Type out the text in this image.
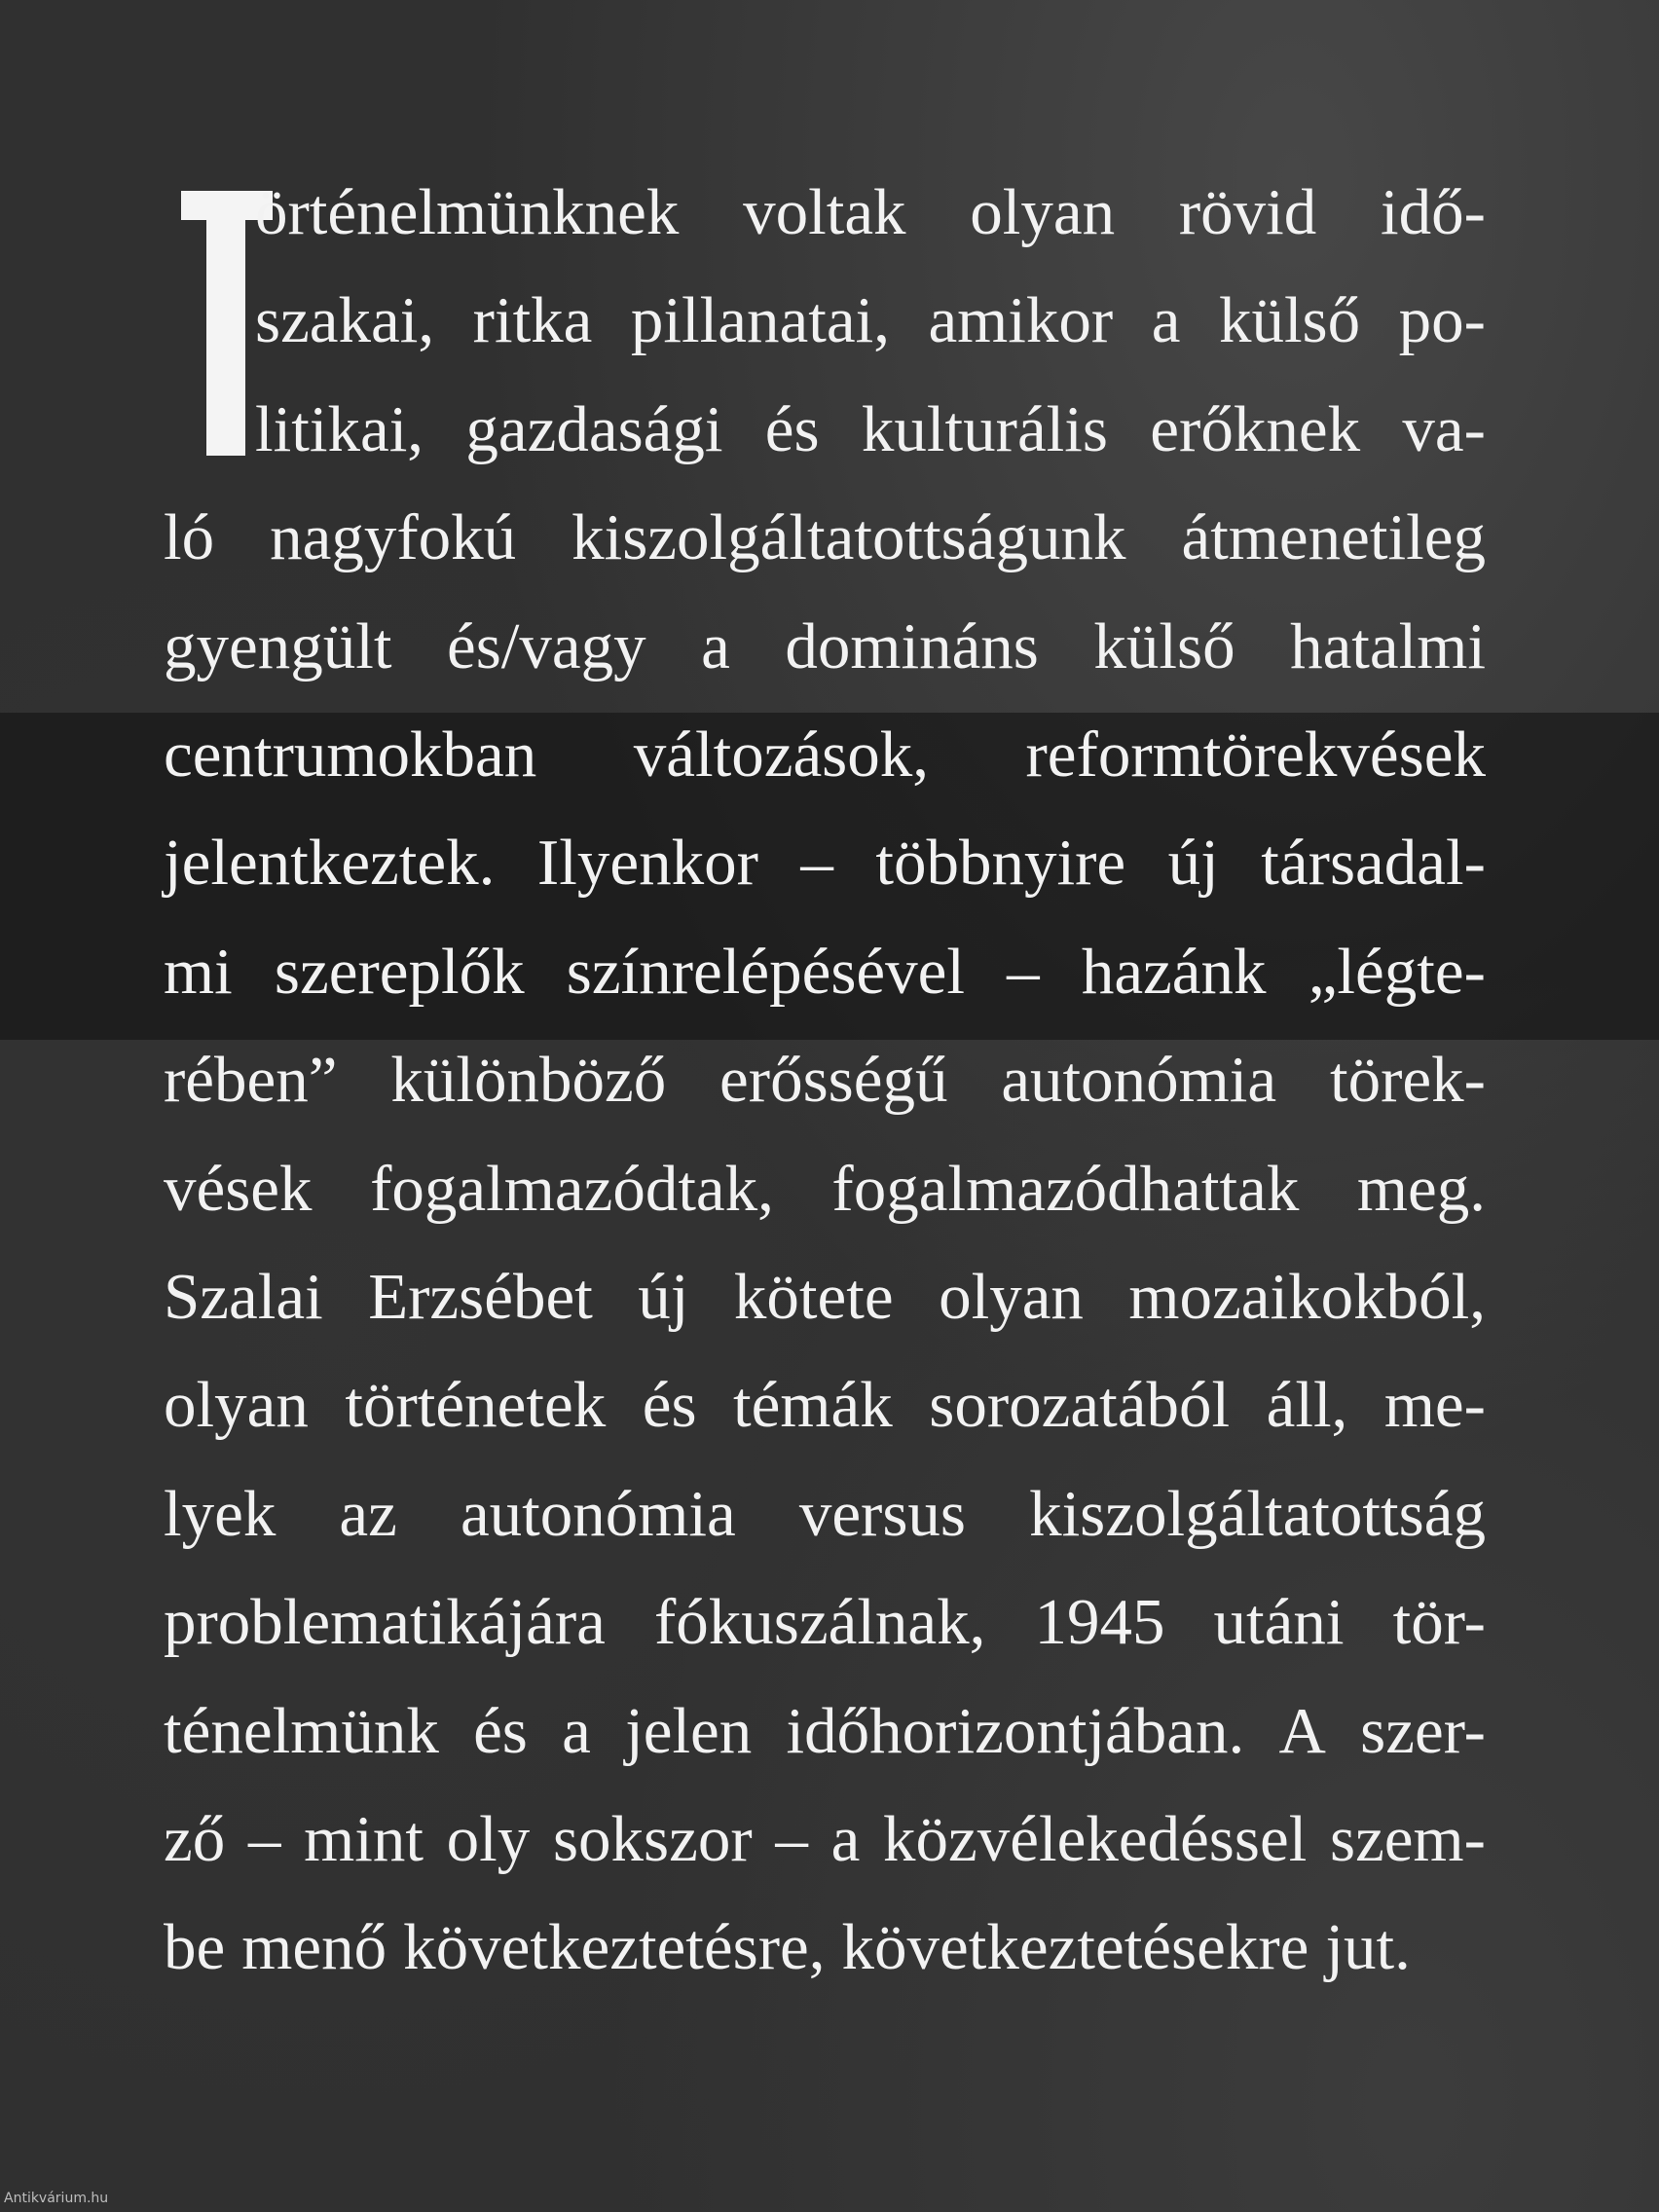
örténelmünknek voltak olyan rövid idő-
szakai, ritka pillanatai, amikor a külső po-
litikai, gazdasági és kulturális erőknek va-
ló nagyfokú kiszolgáltatottságunk átmenetileg
gyengült és/vagy a domináns külső hatalmi
centrumokban változások, reformtörekvések
jelentkeztek. Ilyenkor – többnyire új társadal-
mi szereplők színrelépésével – hazánk „légte-
rében” különböző erősségű autonómia törek-
vések fogalmazódtak, fogalmazódhattak meg.
Szalai Erzsébet új kötete olyan mozaikokból,
olyan történetek és témák sorozatából áll, me-
lyek az autonómia versus kiszolgáltatottság
problematikájára fókuszálnak, 1945 utáni tör-
ténelmünk és a jelen időhorizontjában. A szer-
ző – mint oly sokszor – a közvélekedéssel szem-
be menő következtetésre, következtetésekre jut.
Antikvárium.hu
